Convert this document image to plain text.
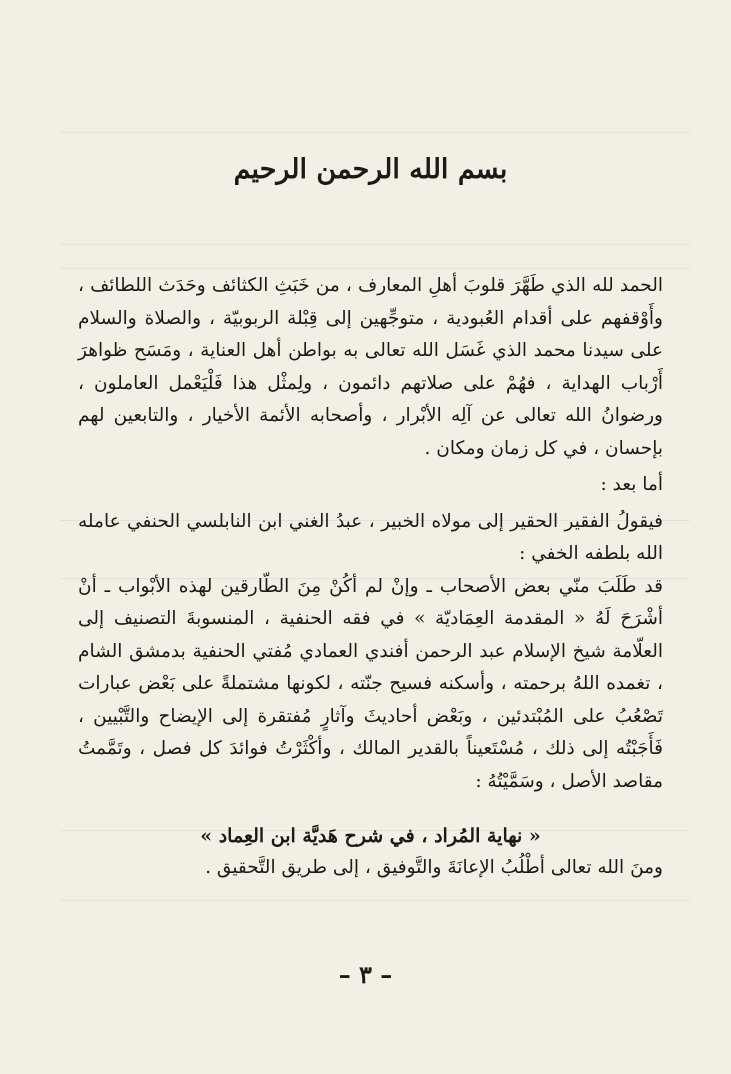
بسم الله الرحمن الرحيم

الحمد لله الذي طَهَّرَ قلوبَ أهلِ المعارف ، من خَبَثِ الكثائف وحَدَث اللطائف ، وأَوْقفهم على أقدام العُبودية ، متوجِّهين إلى قِبْلة الربوبيّة ، والصلاة والسلام على سيدنا محمد الذي غَسَل الله تعالى به بواطن أهل العناية ، ومَسَح ظواهرَ أَرْباب الهداية ، فهُمْ على صلاتهم دائمون ، ولِمثْل هذا فَلْيَعْمل العاملون ، ورضوانُ الله تعالى عن آلِه الأبْرار ، وأصحابه الأئمة الأخيار ، والتابعين لهم بإحسان ، في كل زمان ومكان .

أما بعد :

فيقولُ الفقير الحقير إلى مولاه الخبير ، عبدُ الغني ابن النابلسي الحنفي عامله الله بلطفه الخفي :

قد طَلَبَ منّي بعض الأصحاب ـ وإنْ لم أكُنْ مِنَ الطّارقين لهذه الأبْواب ـ أنْ أشْرَحَ لَهُ « المقدمة العِمَاديّة » في فقه الحنفية ، المنسوبةَ التصنيف إلى العلّامة شيخ الإسلام عبد الرحمن أفندي العمادي مُفتي الحنفية بدمشق الشام ، تغمده اللهُ برحمته ، وأسكنه فسيح جنّته ، لكونها مشتملةً على بَعْض عبارات تَصْعُبُ على المُبْتدئين ، وبَعْض أحاديثَ وآثارٍ مُفتقرة إلى الإيضاح والتَّبْيين ، فَأَجَبْتُه إلى ذلك ، مُسْتَعيناً بالقدير المالك ، وأكْثَرْتُ فوائدَ كل فصل ، وتَمَّمتُ مقاصد الأصل ، وسَمَّيْتُهُ :

« نهاية المُراد ، في شرح هَديَّة ابن العِماد »

ومنَ الله تعالى أطْلُبُ الإعانَةَ والتَّوفيق ، إلى طريق التَّحقيق .

– ٣ –
